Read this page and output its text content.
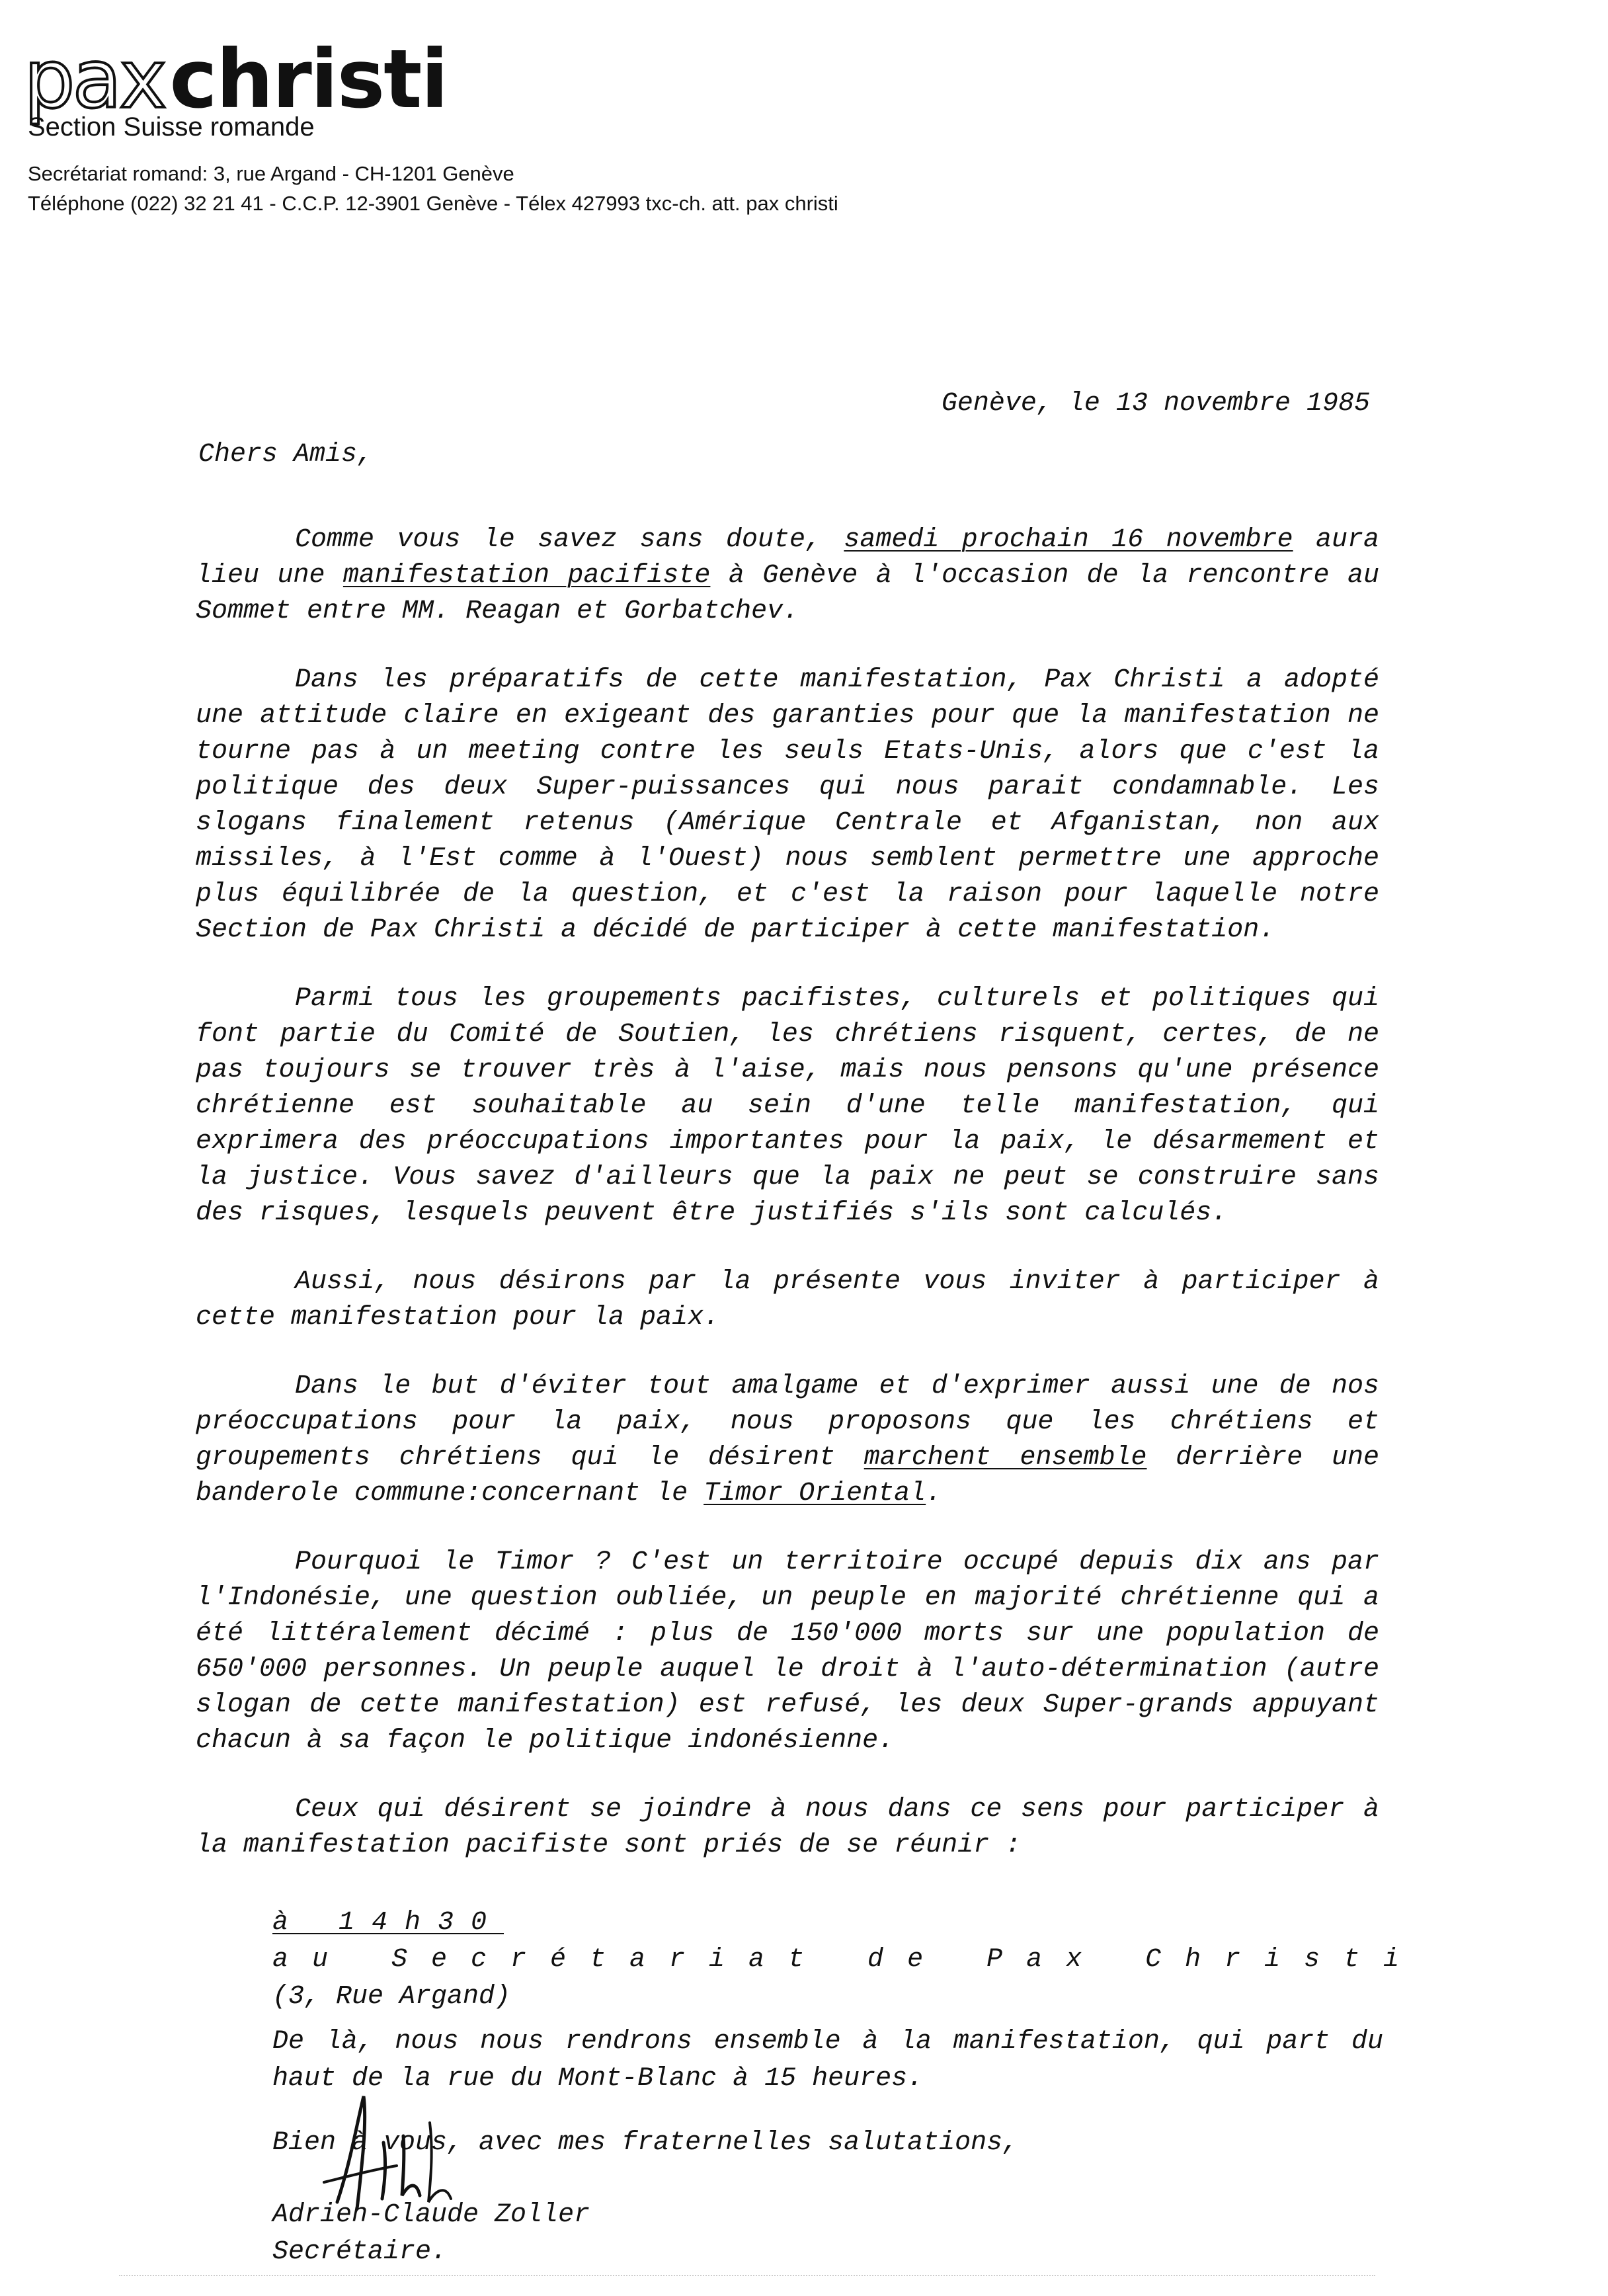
paxchristi
Section Suisse romande
Secrétariat romand: 3, rue Argand - CH-1201 Genève
Téléphone (022) 32 21 41 - C.C.P. 12-3901 Genève - Télex 427993 txc-ch. att. pax christi
Genève, le 13 novembre 1985
Chers Amis,

Comme vous le savez sans doute, samedi prochain 16 novembre aura lieu une manifestation pacifiste à Genève à l'occasion de la rencontre au Sommet entre MM. Reagan et Gorbatchev.

Dans les préparatifs de cette manifestation, Pax Christi a adopté une attitude claire en exigeant des garanties pour que la manifestation ne tourne pas à un meeting contre les seuls Etats-Unis, alors que c'est la politique des deux Super-puissances qui nous parait condamnable. Les slogans finalement retenus (Amérique Centrale et Afganistan, non aux missiles, à l'Est comme à l'Ouest) nous semblent permettre une approche plus équilibrée de la question, et c'est la raison pour laquelle notre Section de Pax Christi a décidé de participer à cette manifestation.

Parmi tous les groupements pacifistes, culturels et politiques qui font partie du Comité de Soutien, les chrétiens risquent, certes, de ne pas toujours se trouver très à l'aise, mais nous pensons qu'une présence chrétienne est souhaitable au sein d'une telle manifestation, qui exprimera des préoccupations importantes pour la paix, le désarmement et la justice. Vous savez d'ailleurs que la paix ne peut se construire sans des risques, lesquels peuvent être justifiés s'ils sont calculés.

Aussi, nous désirons par la présente vous inviter à participer à cette manifestation pour la paix.

Dans le but d'éviter tout amalgame et d'exprimer aussi une de nos préoccupations pour la paix, nous proposons que les chrétiens et groupements chrétiens qui le désirent marchent ensemble derrière une banderole commune:concernant le Timor Oriental.

Pourquoi le Timor ? C'est un territoire occupé depuis dix ans par l'Indonésie, une question oubliée, un peuple en majorité chrétienne qui a été littéralement décimé : plus de 150'000 morts sur une population de 650'000 personnes. Un peuple auquel le droit à l'auto-détermination (autre slogan de cette manifestation) est refusé, les deux Super-grands appuyant chacun à sa façon le politique indonésienne.

Ceux qui désirent se joindre à nous dans ce sens pour participer à la manifestation pacifiste sont priés de se réunir :

à 14h30
au Secrétariat de Pax Christi
(3, Rue Argand)

De là, nous nous rendrons ensemble à la manifestation, qui part du haut de la rue du Mont-Blanc à 15 heures.

Bien à vous, avec mes fraternelles salutations,
Adrien-Claude Zoller
Secrétaire.
